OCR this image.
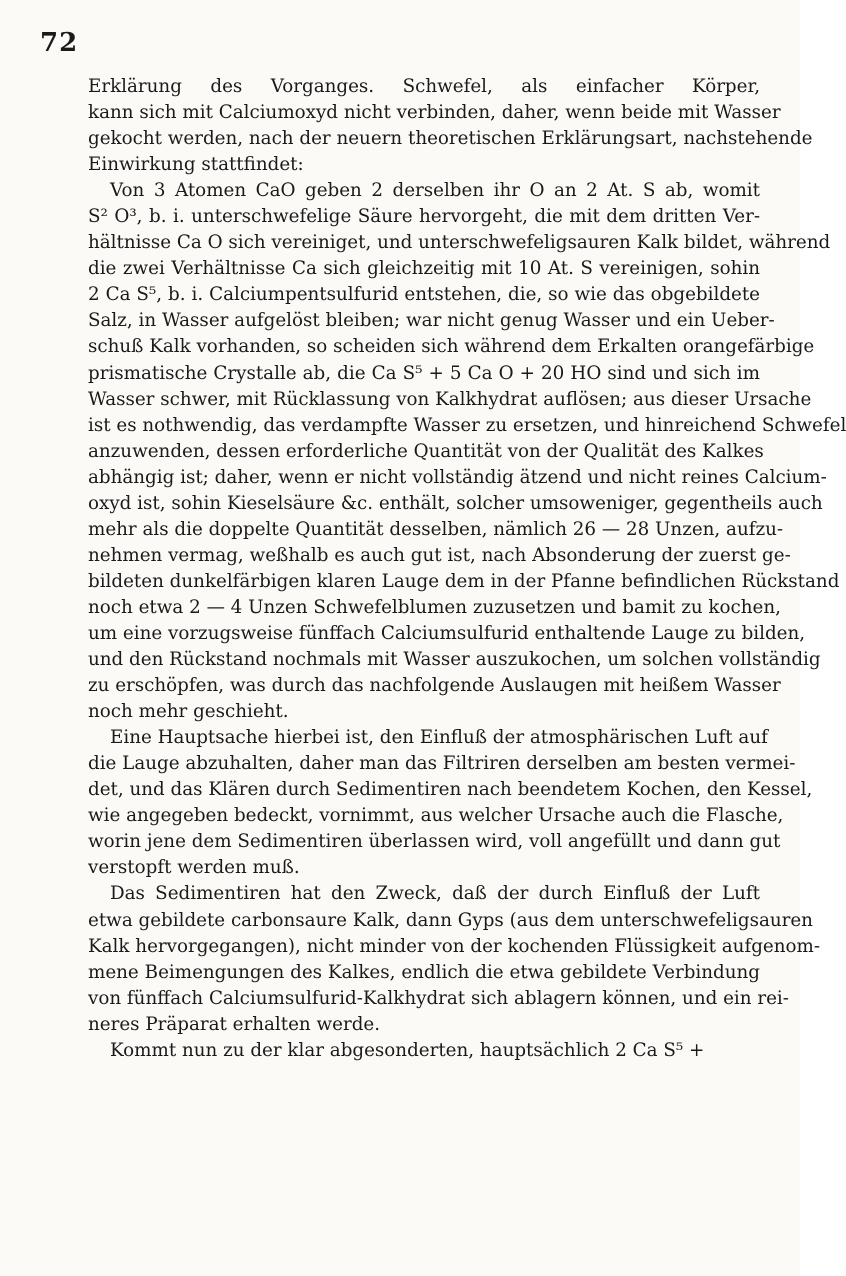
72
Erklärung des Vorganges. Schwefel, als einfacher Körper,
kann sich mit Calciumoxyd nicht verbinden, daher, wenn beide mit Wasser
gekocht werden, nach der neuern theoretischen Erklärungsart, nachstehende
Einwirkung stattfindet:
Von 3 Atomen CaO geben 2 derselben ihr O an 2 At. S ab, womit
S² O³, b. i. unterschwefelige Säure hervorgeht, die mit dem dritten Ver-
hältnisse Ca O sich vereiniget, und unterschwefeligsauren Kalk bildet, während
die zwei Verhältnisse Ca sich gleichzeitig mit 10 At. S vereinigen, sohin
2 Ca S⁵, b. i. Calciumpentsulfurid entstehen, die, so wie das obgebildete
Salz, in Wasser aufgelöst bleiben; war nicht genug Wasser und ein Ueber-
schuß Kalk vorhanden, so scheiden sich während dem Erkalten orangefärbige
prismatische Crystalle ab, die Ca S⁵ + 5 Ca O + 20 HO sind und sich im
Wasser schwer, mit Rücklassung von Kalkhydrat auflösen; aus dieser Ursache
ist es nothwendig, das verdampfte Wasser zu ersetzen, und hinreichend Schwefel
anzuwenden, dessen erforderliche Quantität von der Qualität des Kalkes
abhängig ist; daher, wenn er nicht vollständig ätzend und nicht reines Calcium-
oxyd ist, sohin Kieselsäure &c. enthält, solcher umsoweniger, gegentheils auch
mehr als die doppelte Quantität desselben, nämlich 26 — 28 Unzen, aufzu-
nehmen vermag, weßhalb es auch gut ist, nach Absonderung der zuerst ge-
bildeten dunkelfärbigen klaren Lauge dem in der Pfanne befindlichen Rückstand
noch etwa 2 — 4 Unzen Schwefelblumen zuzusetzen und bamit zu kochen,
um eine vorzugsweise fünffach Calciumsulfurid enthaltende Lauge zu bilden,
und den Rückstand nochmals mit Wasser auszukochen, um solchen vollständig
zu erschöpfen, was durch das nachfolgende Auslaugen mit heißem Wasser
noch mehr geschieht.
Eine Hauptsache hierbei ist, den Einfluß der atmosphärischen Luft auf
die Lauge abzuhalten, daher man das Filtriren derselben am besten vermei-
det, und das Klären durch Sedimentiren nach beendetem Kochen, den Kessel,
wie angegeben bedeckt, vornimmt, aus welcher Ursache auch die Flasche,
worin jene dem Sedimentiren überlassen wird, voll angefüllt und dann gut
verstopft werden muß.
Das Sedimentiren hat den Zweck, daß der durch Einfluß der Luft
etwa gebildete carbonsaure Kalk, dann Gyps (aus dem unterschwefeligsauren
Kalk hervorgegangen), nicht minder von der kochenden Flüssigkeit aufgenom-
mene Beimengungen des Kalkes, endlich die etwa gebildete Verbindung
von fünffach Calciumsulfurid-Kalkhydrat sich ablagern können, und ein rei-
neres Präparat erhalten werde.
Kommt nun zu der klar abgesonderten, hauptsächlich 2 Ca S⁵ +
